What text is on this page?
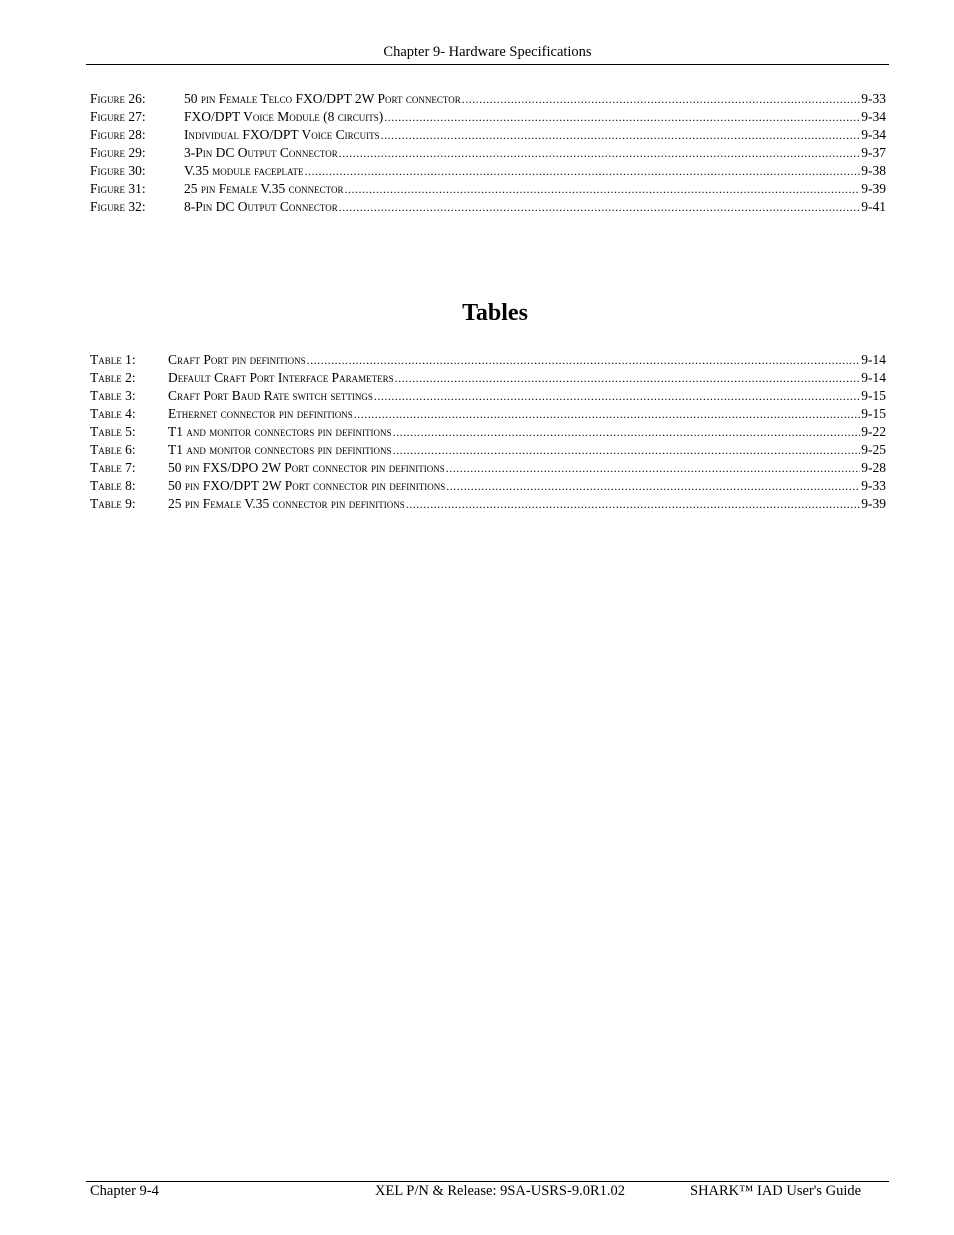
Chapter 9- Hardware Specifications
Figure 26:	50 pin Female Telco FXO/DPT 2W Port connector .....	9-33
Figure 27:	FXO/DPT Voice Module (8 circuits) .....	9-34
Figure 28:	Individual FXO/DPT Voice Circuits .....	9-34
Figure 29:	3-Pin DC Output Connector .....	9-37
Figure 30:	V.35 module faceplate .....	9-38
Figure 31:	25 pin Female V.35 connector .....	9-39
Figure 32:	8-Pin DC Output Connector .....	9-41
Tables
Table 1:	Craft Port pin definitions .....	9-14
Table 2:	Default Craft Port Interface Parameters .....	9-14
Table 3:	Craft Port Baud Rate switch settings .....	9-15
Table 4:	Ethernet connector pin definitions .....	9-15
Table 5:	T1 and monitor connectors pin definitions .....	9-22
Table 6:	T1 and monitor connectors pin definitions .....	9-25
Table 7:	50 pin FXS/DPO 2W Port connector pin definitions .....	9-28
Table 8:	50 pin FXO/DPT 2W Port connector pin definitions .....	9-33
Table 9:	25 pin Female V.35 connector pin definitions .....	9-39
Chapter 9-4	XEL P/N & Release: 9SA-USRS-9.0R1.02	SHARK™ IAD User's Guide
